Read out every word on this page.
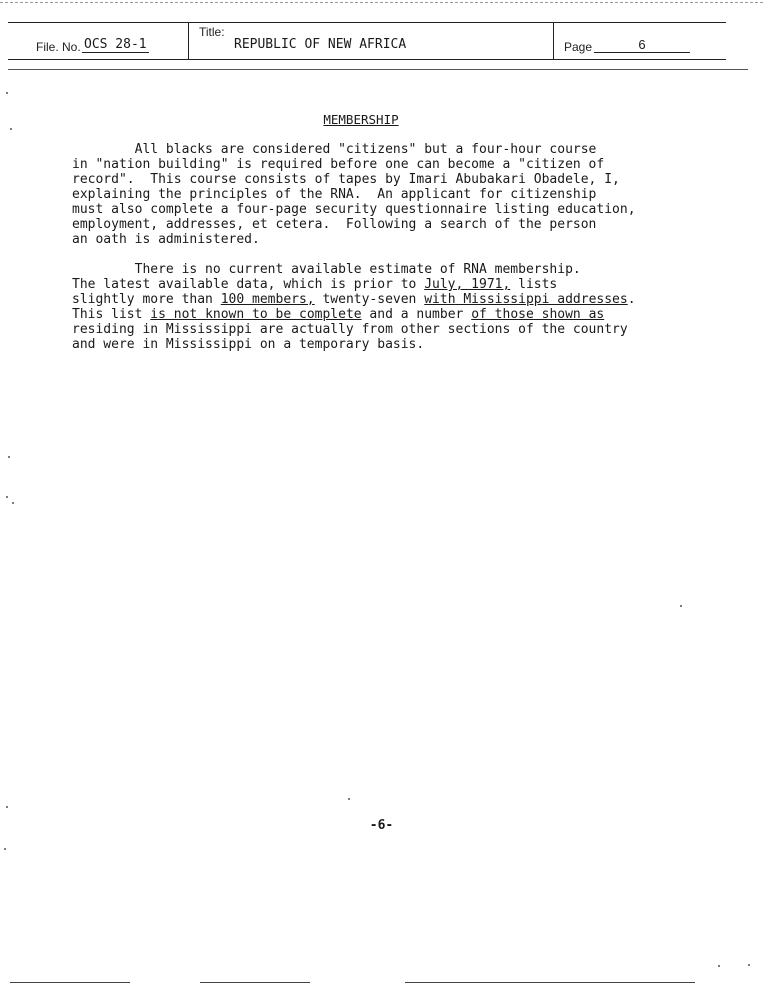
File. No. OCS 28-1
Title:
REPUBLIC OF NEW AFRICA	Page	6
MEMBERSHIP
All blacks are considered "citizens" but a four-hour course
in "nation building" is required before one can become a "citizen of
record".  This course consists of tapes by Imari Abubakari Obadele, I,
explaining the principles of the RNA.  An applicant for citizenship
must also complete a four-page security questionnaire listing education,
employment, addresses, et cetera.  Following a search of the person
an oath is administered.
There is no current available estimate of RNA membership.
The latest available data, which is prior to July, 1971, lists
slightly more than 100 members, twenty-seven with Mississippi addresses.
This list is not known to be complete and a number of those shown as
residing in Mississippi are actually from other sections of the country
and were in Mississippi on a temporary basis.
-6-
